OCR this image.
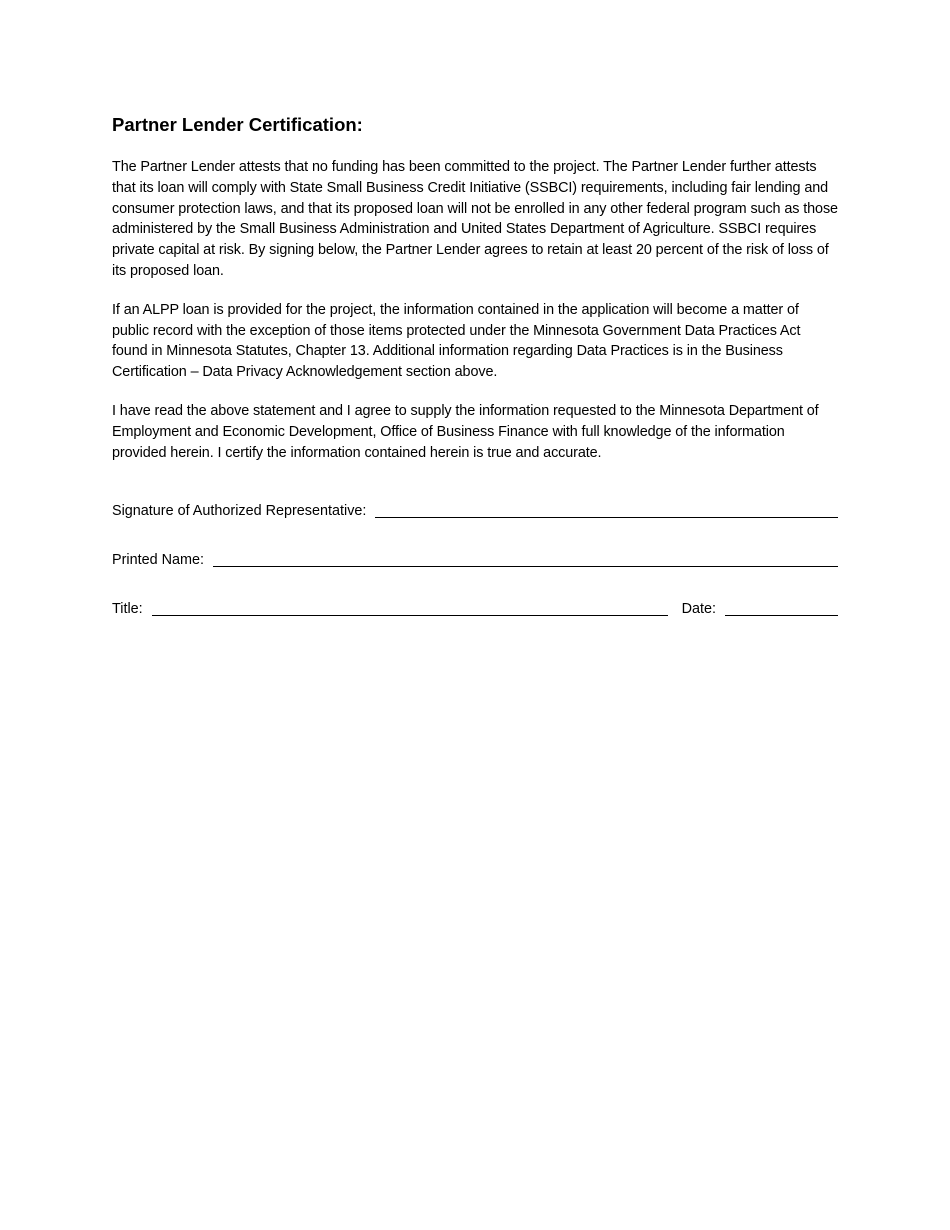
Partner Lender Certification:

The Partner Lender attests that no funding has been committed to the project. The Partner Lender further attests that its loan will comply with State Small Business Credit Initiative (SSBCI) requirements, including fair lending and consumer protection laws, and that its proposed loan will not be enrolled in any other federal program such as those administered by the Small Business Administration and United States Department of Agriculture. SSBCI requires private capital at risk. By signing below, the Partner Lender agrees to retain at least 20 percent of the risk of loss of its proposed loan.

If an ALPP loan is provided for the project, the information contained in the application will become a matter of public record with the exception of those items protected under the Minnesota Government Data Practices Act found in Minnesota Statutes, Chapter 13. Additional information regarding Data Practices is in the Business Certification – Data Privacy Acknowledgement section above.

I have read the above statement and I agree to supply the information requested to the Minnesota Department of Employment and Economic Development, Office of Business Finance with full knowledge of the information provided herein. I certify the information contained herein is true and accurate.

Signature of Authorized Representative:
Printed Name:
Title:	Date:
